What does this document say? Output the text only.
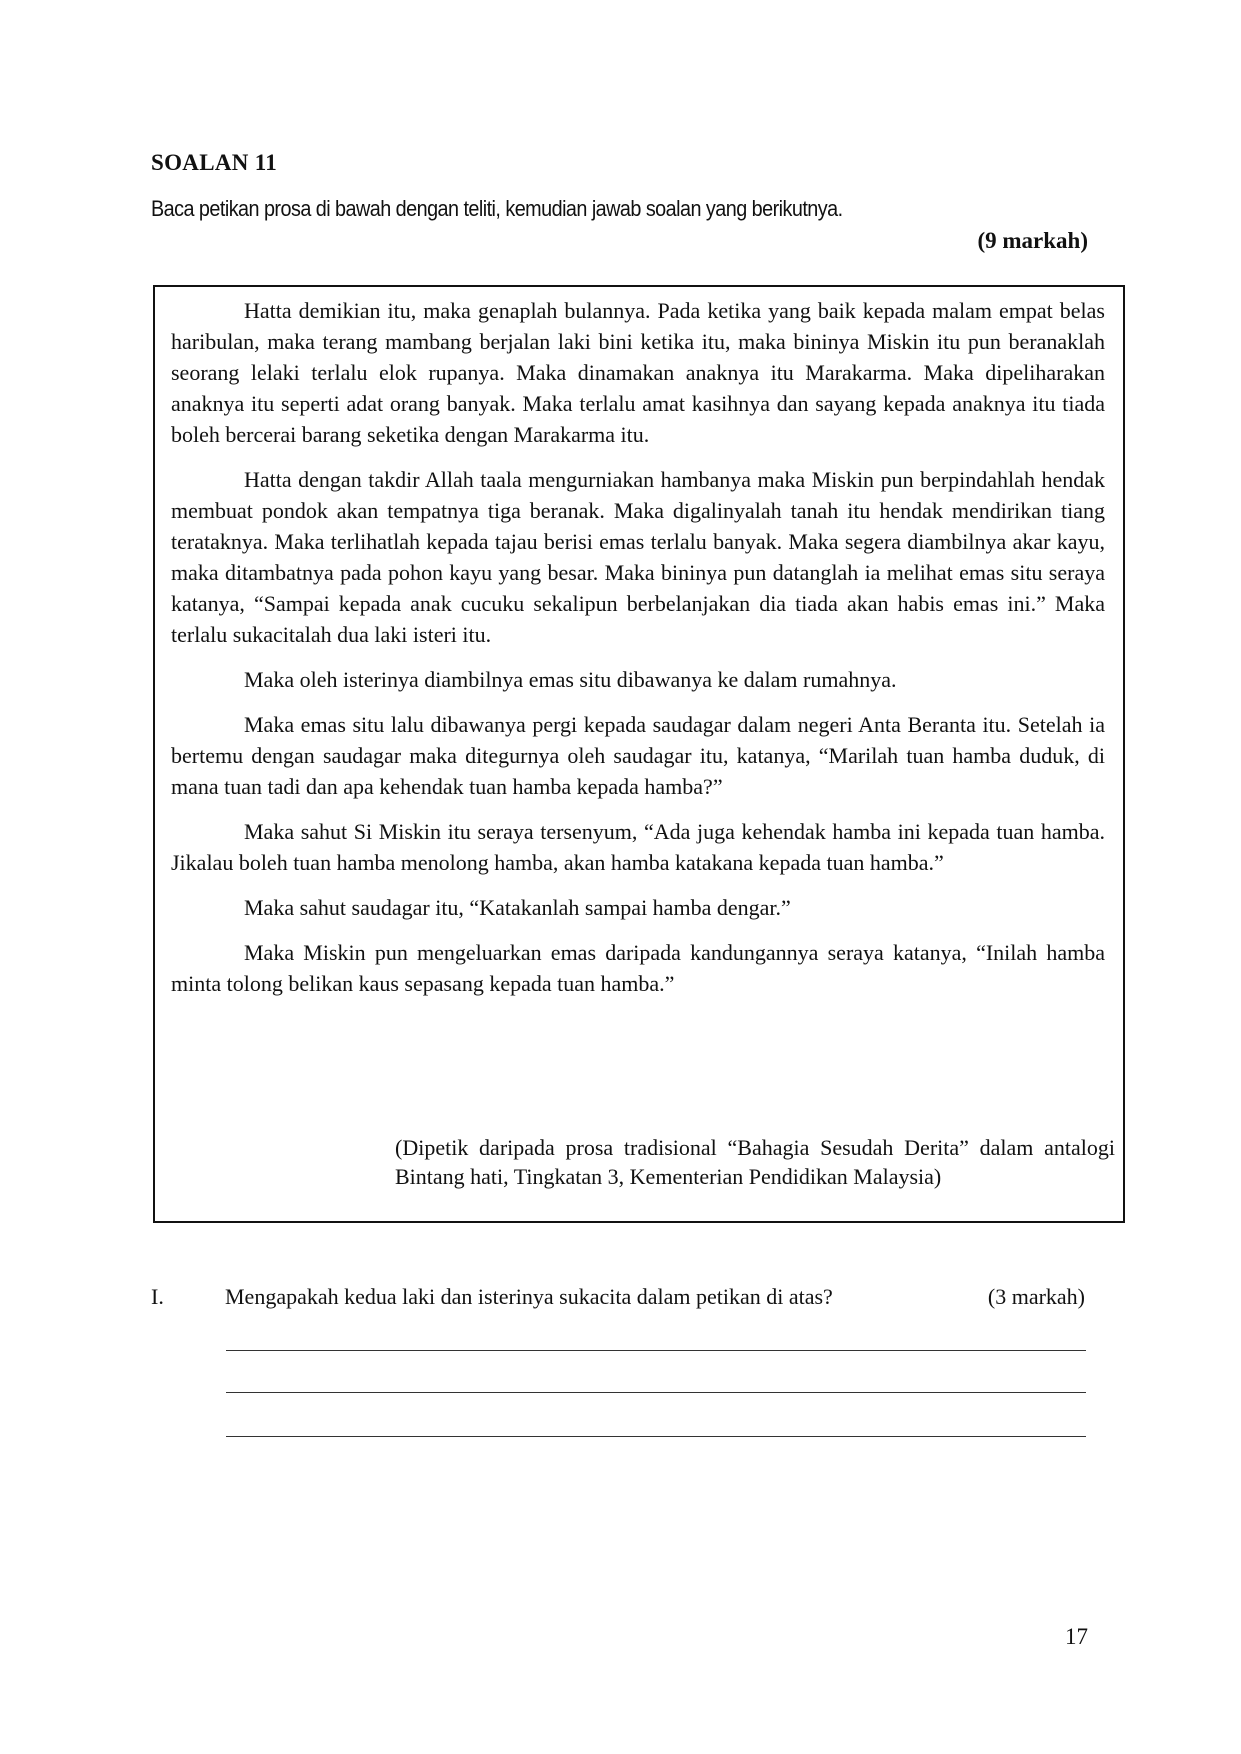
SOALAN 11
Baca petikan prosa di bawah dengan teliti, kemudian jawab soalan yang berikutnya.
(9 markah)

Hatta demikian itu, maka genaplah bulannya. Pada ketika yang baik kepada malam empat belas haribulan, maka terang mambang berjalan laki bini ketika itu, maka bininya Miskin itu pun beranaklah seorang lelaki terlalu elok rupanya. Maka dinamakan anaknya itu Marakarma. Maka dipeliharakan anaknya itu seperti adat orang banyak. Maka terlalu amat kasihnya dan sayang kepada anaknya itu tiada boleh bercerai barang seketika dengan Marakarma itu.

Hatta dengan takdir Allah taala mengurniakan hambanya maka Miskin pun berpindahlah hendak membuat pondok akan tempatnya tiga beranak. Maka digalinyalah tanah itu hendak mendirikan tiang terataknya. Maka terlihatlah kepada tajau berisi emas terlalu banyak. Maka segera diambilnya akar kayu, maka ditambatnya pada pohon kayu yang besar. Maka bininya pun datanglah ia melihat emas situ seraya katanya, “Sampai kepada anak cucuku sekalipun berbelanjakan dia tiada akan habis emas ini.” Maka terlalu sukacitalah dua laki isteri itu.

Maka oleh isterinya diambilnya emas situ dibawanya ke dalam rumahnya.

Maka emas situ lalu dibawanya pergi kepada saudagar dalam negeri Anta Beranta itu. Setelah ia bertemu dengan saudagar maka ditegurnya oleh saudagar itu, katanya, “Marilah tuan hamba duduk, di mana tuan tadi dan apa kehendak tuan hamba kepada hamba?”

Maka sahut Si Miskin itu seraya tersenyum, “Ada juga kehendak hamba ini kepada tuan hamba. Jikalau boleh tuan hamba menolong hamba, akan hamba katakana kepada tuan hamba.”

Maka sahut saudagar itu, “Katakanlah sampai hamba dengar.”

Maka Miskin pun mengeluarkan emas daripada kandungannya seraya katanya, “Inilah hamba minta tolong belikan kaus sepasang kepada tuan hamba.”

(Dipetik daripada prosa tradisional “Bahagia Sesudah Derita” dalam antalogi Bintang hati, Tingkatan 3, Kementerian Pendidikan Malaysia)
I.	Mengapakah kedua laki dan isterinya sukacita dalam petikan di atas?	(3 markah)
17
